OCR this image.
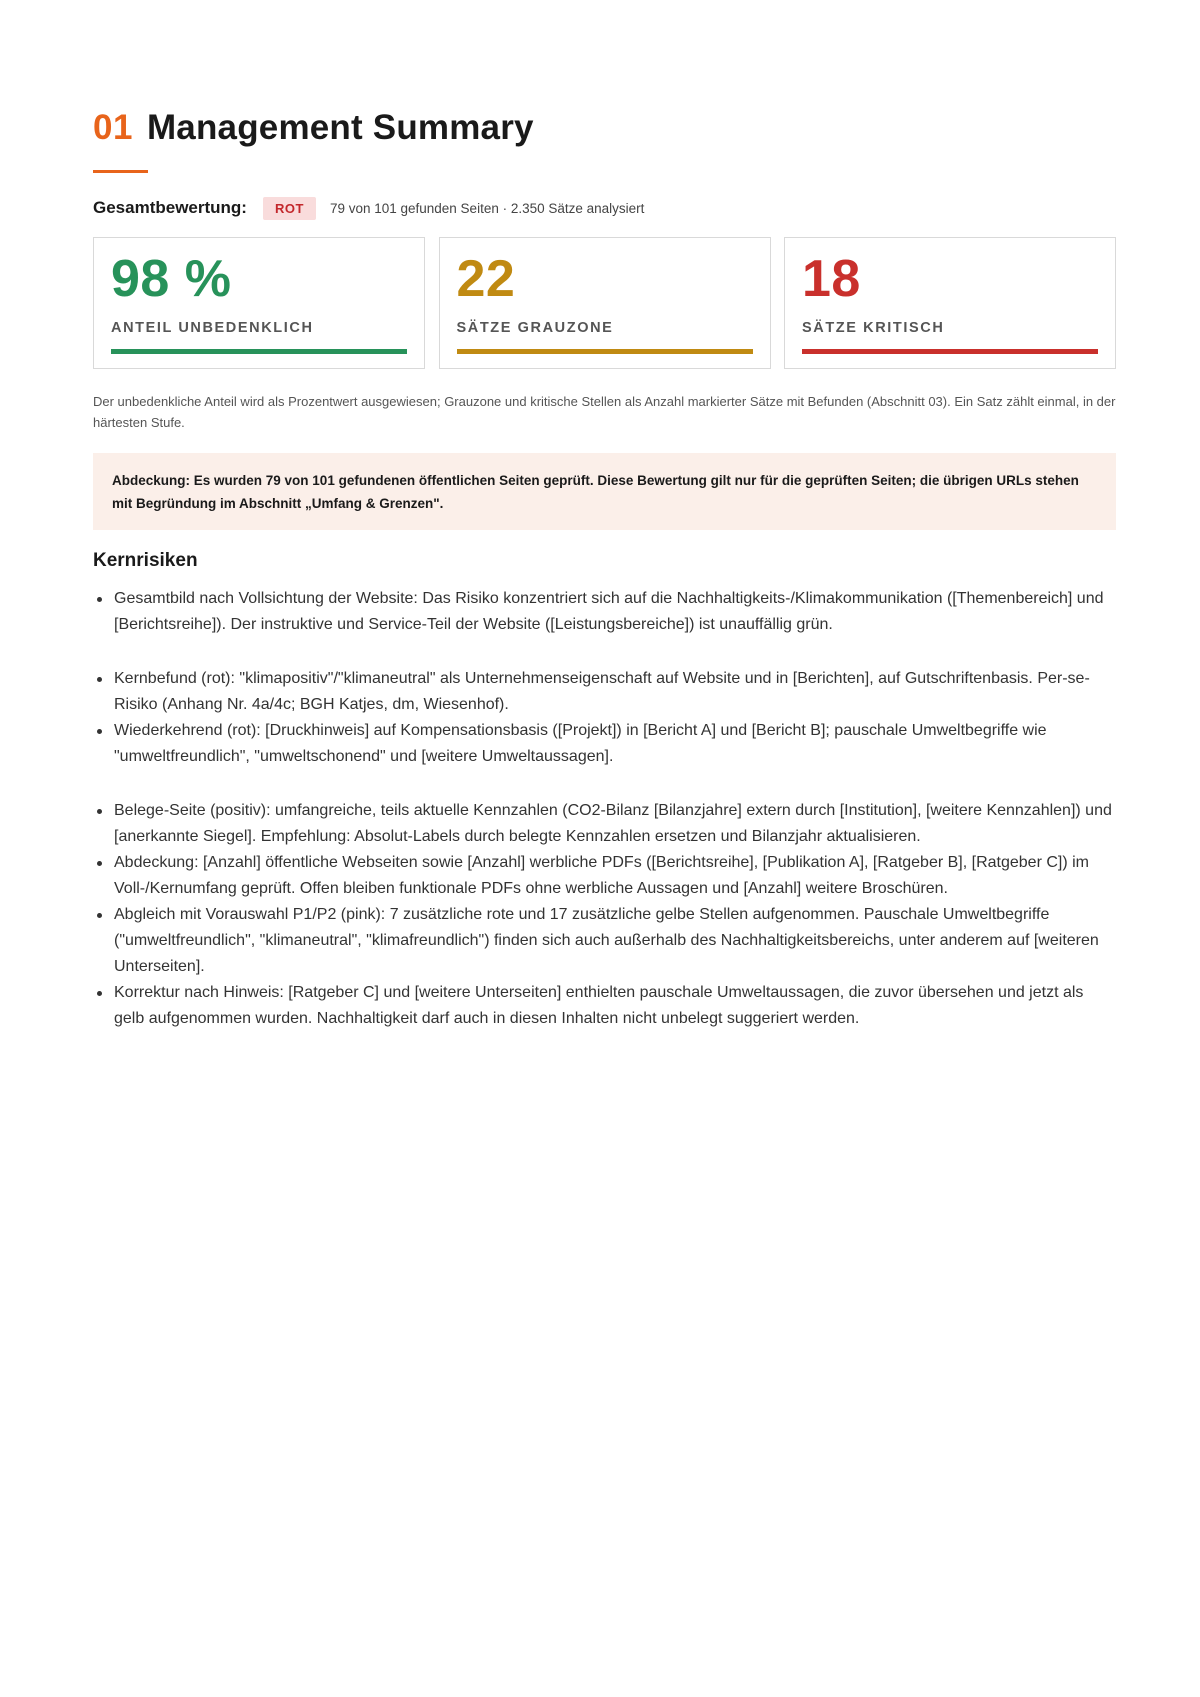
01 Management Summary
Gesamtbewertung:	ROT	79 von 101 gefunden Seiten · 2.350 Sätze analysiert
98 %
ANTEIL UNBEDENKLICH
22
SÄTZE GRAUZONE
18
SÄTZE KRITISCH
Der unbedenkliche Anteil wird als Prozentwert ausgewiesen; Grauzone und kritische Stellen als Anzahl markierter Sätze mit Befunden (Abschnitt 03). Ein Satz zählt einmal, in der härtesten Stufe.
Abdeckung: Es wurden 79 von 101 gefundenen öffentlichen Seiten geprüft. Diese Bewertung gilt nur für die geprüften Seiten; die übrigen URLs stehen mit Begründung im Abschnitt „Umfang & Grenzen".
Kernrisiken
Gesamtbild nach Vollsichtung der Website: Das Risiko konzentriert sich auf die Nachhaltigkeits-/Klimakommunikation ([Themenbereich] und [Berichtsreihe]). Der instruktive und Service-Teil der Website ([Leistungsbereiche]) ist unauffällig grün.
Kernbefund (rot): "klimapositiv"/"klimaneutral" als Unternehmenseigenschaft auf Website und in [Berichten], auf Gutschriftenbasis. Per-se-Risiko (Anhang Nr. 4a/4c; BGH Katjes, dm, Wiesenhof).
Wiederkehrend (rot): [Druckhinweis] auf Kompensationsbasis ([Projekt]) in [Bericht A] und [Bericht B]; pauschale Umweltbegriffe wie "umweltfreundlich", "umweltschonend" und [weitere Umweltaussagen].
Belege-Seite (positiv): umfangreiche, teils aktuelle Kennzahlen (CO2-Bilanz [Bilanzjahre] extern durch [Institution], [weitere Kennzahlen]) und [anerkannte Siegel]. Empfehlung: Absolut-Labels durch belegte Kennzahlen ersetzen und Bilanzjahr aktualisieren.
Abdeckung: [Anzahl] öffentliche Webseiten sowie [Anzahl] werbliche PDFs ([Berichtsreihe], [Publikation A], [Ratgeber B], [Ratgeber C]) im Voll-/Kernumfang geprüft. Offen bleiben funktionale PDFs ohne werbliche Aussagen und [Anzahl] weitere Broschüren.
Abgleich mit Vorauswahl P1/P2 (pink): 7 zusätzliche rote und 17 zusätzliche gelbe Stellen aufgenommen. Pauschale Umweltbegriffe ("umweltfreundlich", "klimaneutral", "klimafreundlich") finden sich auch außerhalb des Nachhaltigkeitsbereichs, unter anderem auf [weiteren Unterseiten].
Korrektur nach Hinweis: [Ratgeber C] und [weitere Unterseiten] enthielten pauschale Umweltaussagen, die zuvor übersehen und jetzt als gelb aufgenommen wurden. Nachhaltigkeit darf auch in diesen Inhalten nicht unbelegt suggeriert werden.
